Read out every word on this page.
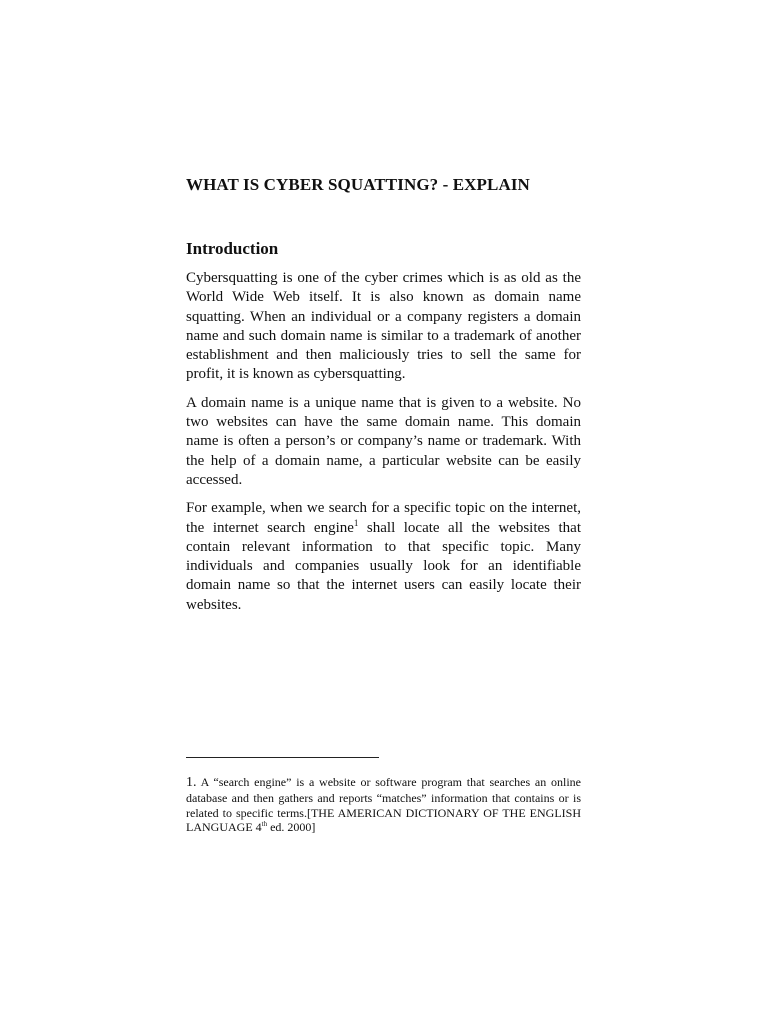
WHAT IS CYBER SQUATTING? - EXPLAIN
Introduction

Cybersquatting is one of the cyber crimes which is as old as the World Wide Web itself. It is also known as domain name squatting. When an individual or a company registers a domain name and such domain name is similar to a trademark of another establishment and then maliciously tries to sell the same for profit, it is known as cybersquatting.

A domain name is a unique name that is given to a website. No two websites can have the same domain name. This domain name is often a person’s or company’s name or trademark. With the help of a domain name, a particular website can be easily accessed.

For example, when we search for a specific topic on the internet, the internet search engine$^1$ shall locate all the websites that contain relevant information to that specific topic. Many individuals and companies usually look for an identifiable domain name so that the internet users can easily locate their websites.

1. A “search engine” is a website or software program that searches an online database and then gathers and reports “matches” information that contains or is related to specific terms.[THE AMERICAN DICTIONARY OF THE ENGLISH LANGUAGE 4th ed. 2000]
